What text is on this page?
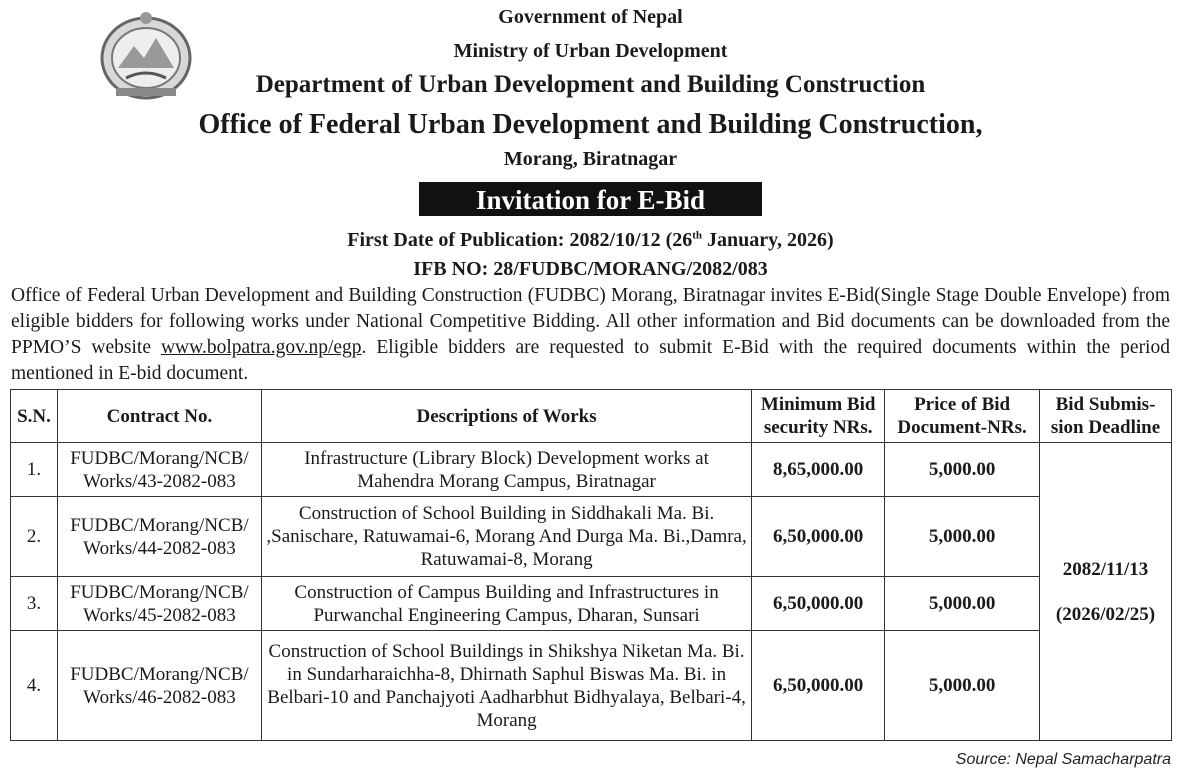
Government of Nepal
Ministry of Urban Development
Department of Urban Development and Building Construction
Office of Federal Urban Development and Building Construction,
Morang, Biratnagar
Invitation for E-Bid
First Date of Publication: 2082/10/12 (26th January, 2026)
IFB NO: 28/FUDBC/MORANG/2082/083
Office of Federal Urban Development and Building Construction (FUDBC) Morang, Biratnagar invites E-Bid(Single Stage Double Envelope) from eligible bidders for following works under National Competitive Bidding. All other information and Bid documents can be downloaded from the PPMO’S website www.bolpatra.gov.np/egp. Eligible bidders are requested to submit E-Bid with the required documents within the period mentioned in E-bid document.
S.N.	Contract No.	Descriptions of Works	Minimum Bid security NRs.	Price of Bid Document-NRs.	Bid Submis-sion Deadline
1.	FUDBC/Morang/NCB/ Works/43-2082-083	Infrastructure (Library Block) Development works at Mahendra Morang Campus, Biratnagar	8,65,000.00	5,000.00	2082/11/13
(2026/02/25)

2.	FUDBC/Morang/NCB/ Works/44-2082-083	Construction of School Building in Siddhakali Ma. Bi. ,Sanischare, Ratuwamai-6, Morang And Durga Ma. Bi.,Damra, Ratuwamai-8, Morang	6,50,000.00	5,000.00	
3.	FUDBC/Morang/NCB/ Works/45-2082-083	Construction of Campus Building and Infrastructures in Purwanchal Engineering Campus, Dharan, Sunsari	6,50,000.00	5,000.00	
4.	FUDBC/Morang/NCB/ Works/46-2082-083	Construction of School Buildings in Shikshya Niketan Ma. Bi. in Sundarharaichha-8, Dhirnath Saphul Biswas Ma. Bi. in Belbari-10 and Panchajyoti Aadharbhut Bidhyalaya, Belbari-4, Morang	6,50,000.00	5,000.00	
Source: Nepal Samacharpatra
